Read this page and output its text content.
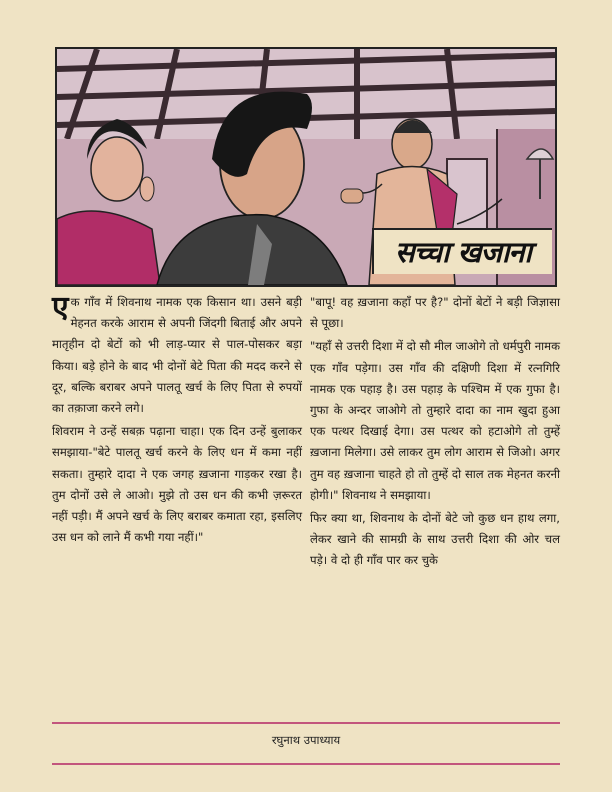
सच्चा खजाना

एक गाँव में शिवनाथ नामक एक किसान था। उसने बड़ी मेहनत करके आराम से अपनी जिंदगी बिताई और अपने मातृहीन दो बेटों को भी लाड़-प्यार से पाल-पोसकर बड़ा किया। बड़े होने के बाद भी दोनों बेटे पिता की मदद करने से दूर, बल्कि बराबर अपने पालतू खर्च के लिए पिता से रुपयों का तक़ाजा करने लगे।

शिवराम ने उन्हें सबक़ पढ़ाना चाहा। एक दिन उन्हें बुलाकर समझाया-"बेटे पालतू खर्च करने के लिए धन में कमा नहीं सकता। तुम्हारे दादा ने एक जगह ख़जाना गाड़कर रखा है। तुम दोनों उसे ले आओ। मुझे तो उस धन की कभी ज़रूरत नहीं पड़ी। मैं अपने खर्च के लिए बराबर कमाता रहा, इसलिए उस धन को लाने मैं कभी गया नहीं।"

"बापू! वह ख़जाना कहाँ पर है?" दोनों बेटों ने बड़ी जिज्ञासा से पूछा।

"यहाँ से उत्तरी दिशा में दो सौ मील जाओगे तो धर्मपुरी नामक एक गाँव पड़ेगा। उस गाँव की दक्षिणी दिशा में रत्नगिरि नामक एक पहाड़ है। उस पहाड़ के पश्चिम में एक गुफा है। गुफा के अन्दर जाओगे तो तुम्हारे दादा का नाम खुदा हुआ एक पत्थर दिखाई देगा। उस पत्थर को हटाओगे तो तुम्हें ख़जाना मिलेगा। उसे लाकर तुम लोग आराम से जिओ। अगर तुम वह ख़जाना चाहते हो तो तुम्हें दो साल तक मेहनत करनी होगी।" शिवनाथ ने समझाया।

फिर क्या था, शिवनाथ के दोनों बेटे जो कुछ धन हाथ लगा, लेकर खाने की सामग्री के साथ उत्तरी दिशा की ओर चल पड़े। वे दो ही गाँव पार कर चुके

रघुनाथ उपाध्याय
